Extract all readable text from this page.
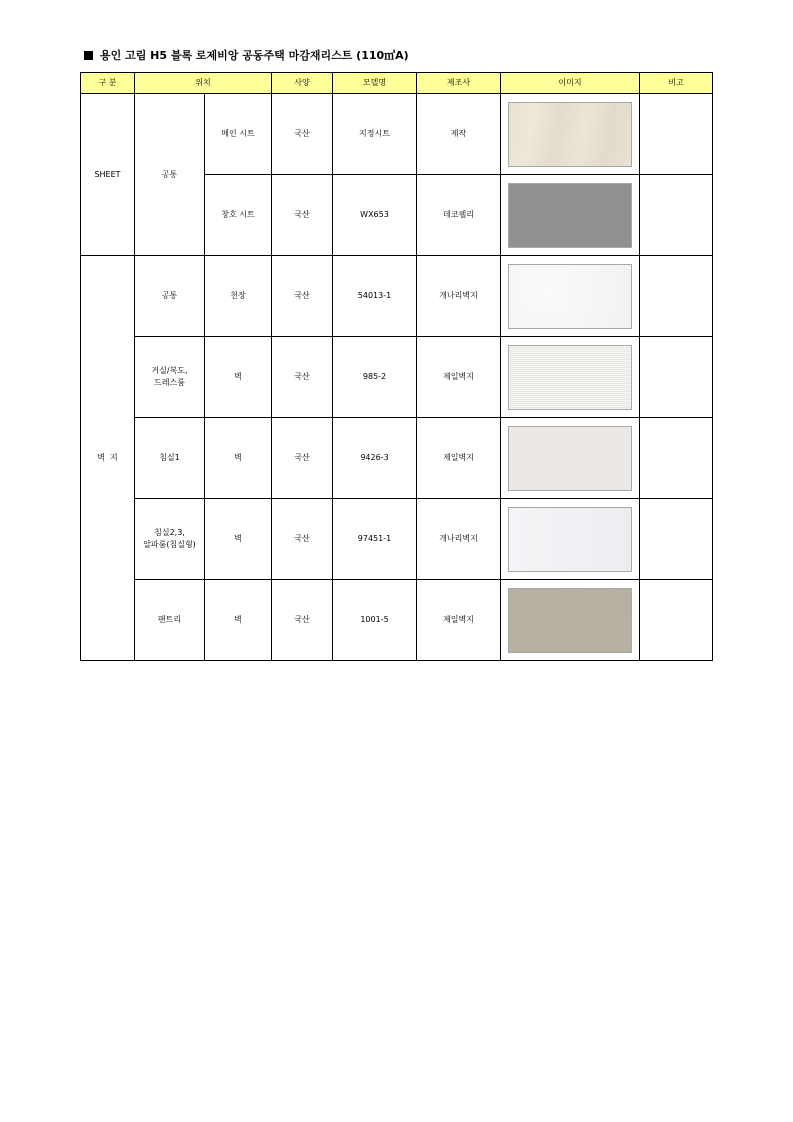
용인 고림 H5 블록 로제비앙 공동주택 마감재리스트 (110㎡A)
구 분	위치		사양	모델명	제조사	이미지	비고
SHEET	공통	메인 시트	국산	지정시트	제작	

		창호 시트	국산	WX653	데코웰리	

벽  지	공통	천장	국산	54013-1	개나리벽지	

	거실/복도,
드레스룸	벽	국산	985-2	제일벽지	

	침실1	벽	국산	9426-3	제일벽지	

	침실2,3,
알파룸(침실형)	벽	국산	97451-1	개나리벽지	

	팬트리	벽	국산	1001-5	제일벽지	
